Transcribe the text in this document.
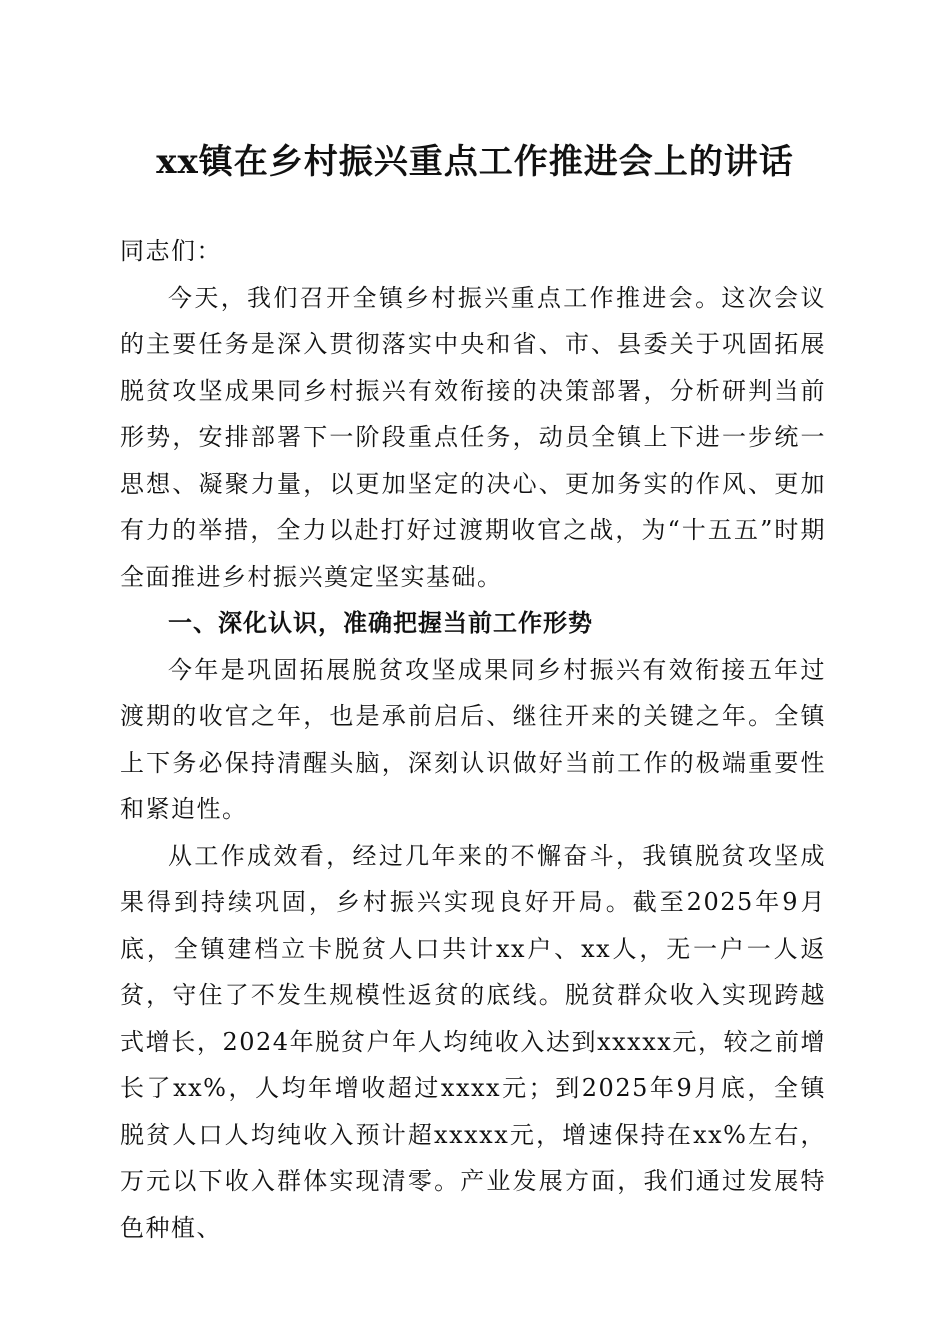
xx镇在乡村振兴重点工作推进会上的讲话

同志们：

今天，我们召开全镇乡村振兴重点工作推进会。这次会议的主要任务是深入贯彻落实中央和省、市、县委关于巩固拓展脱贫攻坚成果同乡村振兴有效衔接的决策部署，分析研判当前形势，安排部署下一阶段重点任务，动员全镇上下进一步统一思想、凝聚力量，以更加坚定的决心、更加务实的作风、更加有力的举措，全力以赴打好过渡期收官之战，为“十五五”时期全面推进乡村振兴奠定坚实基础。

一、深化认识，准确把握当前工作形势

今年是巩固拓展脱贫攻坚成果同乡村振兴有效衔接五年过渡期的收官之年，也是承前启后、继往开来的关键之年。全镇上下务必保持清醒头脑，深刻认识做好当前工作的极端重要性和紧迫性。

从工作成效看，经过几年来的不懈奋斗，我镇脱贫攻坚成果得到持续巩固，乡村振兴实现良好开局。截至2025年9月底，全镇建档立卡脱贫人口共计xx户、xx人，无一户一人返贫，守住了不发生规模性返贫的底线。脱贫群众收入实现跨越式增长，2024年脱贫户年人均纯收入达到xxxxx元，较之前增长了xx%，人均年增收超过xxxx元；到2025年9月底，全镇脱贫人口人均纯收入预计超xxxxx元，增速保持在xx%左右，万元以下收入群体实现清零。产业发展方面，我们通过发展特色种植、
